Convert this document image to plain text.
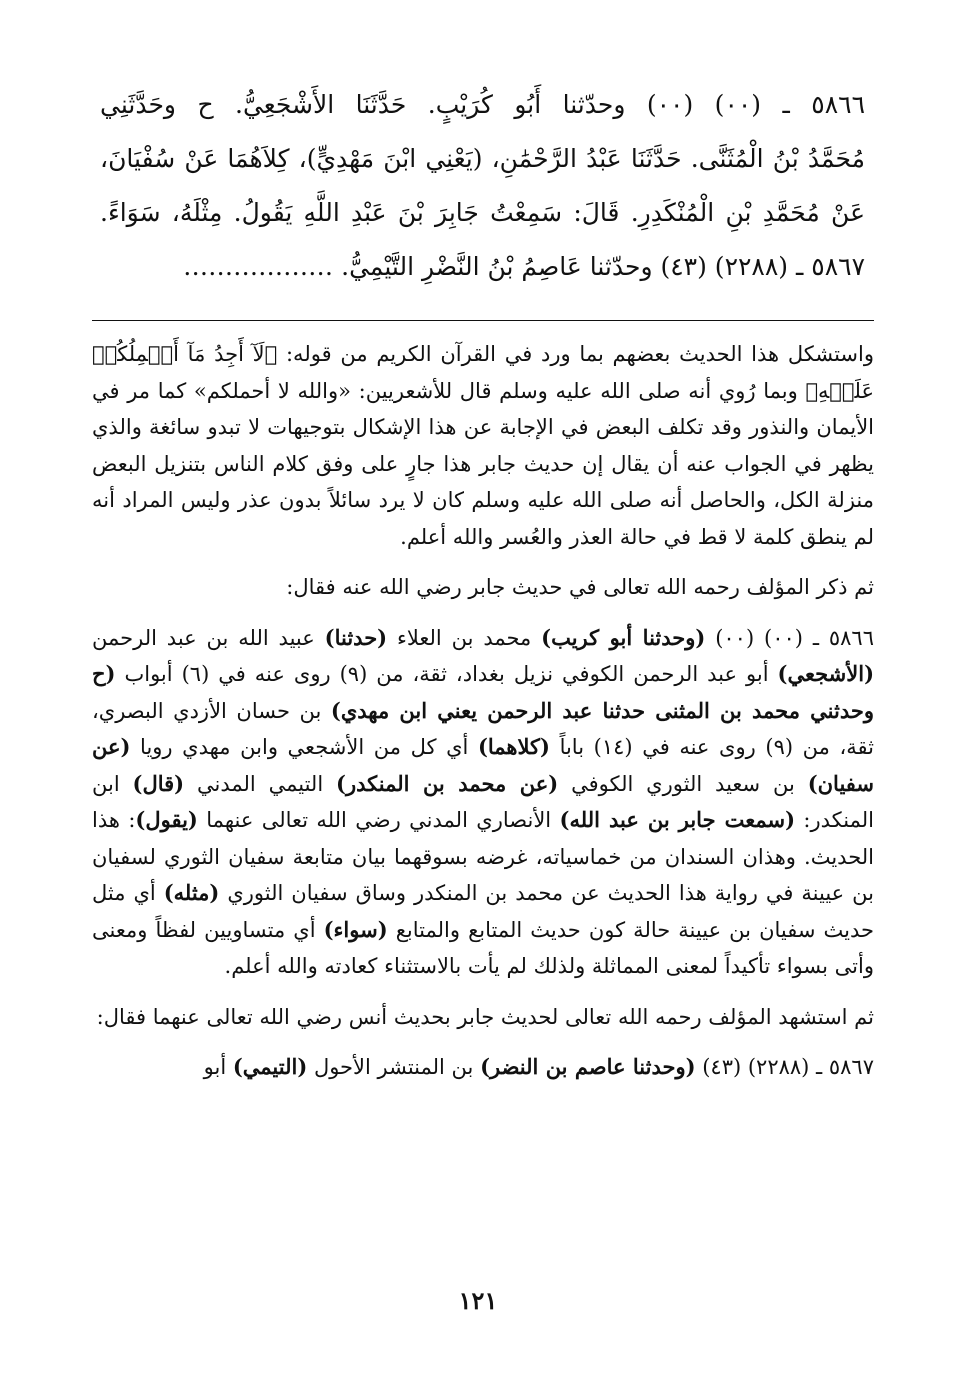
٥٨٦٦ ـ (٠٠) (٠٠) وحدّثنا أَبُو كُرَيْبٍ. حَدَّثَنَا الأَشْجَعِيُّ. ح وحَدَّثَنِي
مُحَمَّدُ بْنُ الْمُثَنَّى. حَدَّثَنَا عَبْدُ الرَّحْمَٰنِ، (يَعْنِي ابْنَ مَهْدِيٍّ)، كِلاَهُمَا عَنْ سُفْيَانَ،
عَنْ مُحَمَّدِ بْنِ الْمُنْكَدِرِ. قَالَ: سَمِعْتُ جَابِرَ بْنَ عَبْدِ اللَّهِ يَقُولُ. مِثْلَهُ، سَوَاءً.
٥٨٦٧ ـ (٢٢٨٨) (٤٣) وحدّثنا عَاصِمُ بْنُ النَّضْرِ التَّيْمِيُّ. ………………

واستشكل هذا الحديث بعضهم بما ورد في القرآن الكريم من قوله: ﴿لَآ أَجِدُ مَآ أَحۡمِلُكُمۡ عَلَيۡهِ﴾ وبما رُوي أنه صلى الله عليه وسلم قال للأشعريين: «والله لا أحملكم» كما مر في الأيمان والنذور وقد تكلف البعض في الإجابة عن هذا الإشكال بتوجيهات لا تبدو سائغة والذي يظهر في الجواب عنه أن يقال إن حديث جابر هذا جارٍ على وفق كلام الناس بتنزيل البعض منزلة الكل، والحاصل أنه صلى الله عليه وسلم كان لا يرد سائلاً بدون عذر وليس المراد أنه لم ينطق كلمة لا قط في حالة العذر والعُسر والله أعلم.

ثم ذكر المؤلف رحمه الله تعالى في حديث جابر رضي الله عنه فقال:

٥٨٦٦ ـ (٠٠) (٠٠) (وحدثنا أبو كريب) محمد بن العلاء (حدثنا) عبيد الله بن عبد الرحمن (الأشجعي) أبو عبد الرحمن الكوفي نزيل بغداد، ثقة، من (٩) روى عنه في (٦) أبواب (ح وحدثني محمد بن المثنى حدثنا عبد الرحمن يعني ابن مهدي) بن حسان الأزدي البصري، ثقة، من (٩) روى عنه في (١٤) باباً (كلاهما) أي كل من الأشجعي وابن مهدي رويا (عن سفيان) بن سعيد الثوري الكوفي (عن محمد بن المنكدر) التيمي المدني (قال) ابن المنكدر: (سمعت جابر بن عبد الله) الأنصاري المدني رضي الله تعالى عنهما (يقول): هذا الحديث. وهذان السندان من خماسياته، غرضه بسوقهما بيان متابعة سفيان الثوري لسفيان بن عيينة في رواية هذا الحديث عن محمد بن المنكدر وساق سفيان الثوري (مثله) أي مثل حديث سفيان بن عيينة حالة كون حديث المتابع والمتابع (سواء) أي متساويين لفظاً ومعنى وأتى بسواء تأكيداً لمعنى المماثلة ولذلك لم يأت بالاستثناء كعادته والله أعلم.

ثم استشهد المؤلف رحمه الله تعالى لحديث جابر بحديث أنس رضي الله تعالى عنهما فقال:

٥٨٦٧ ـ (٢٢٨٨) (٤٣) (وحدثنا عاصم بن النضر) بن المنتشر الأحول (التيمي) أبو

١٢١
